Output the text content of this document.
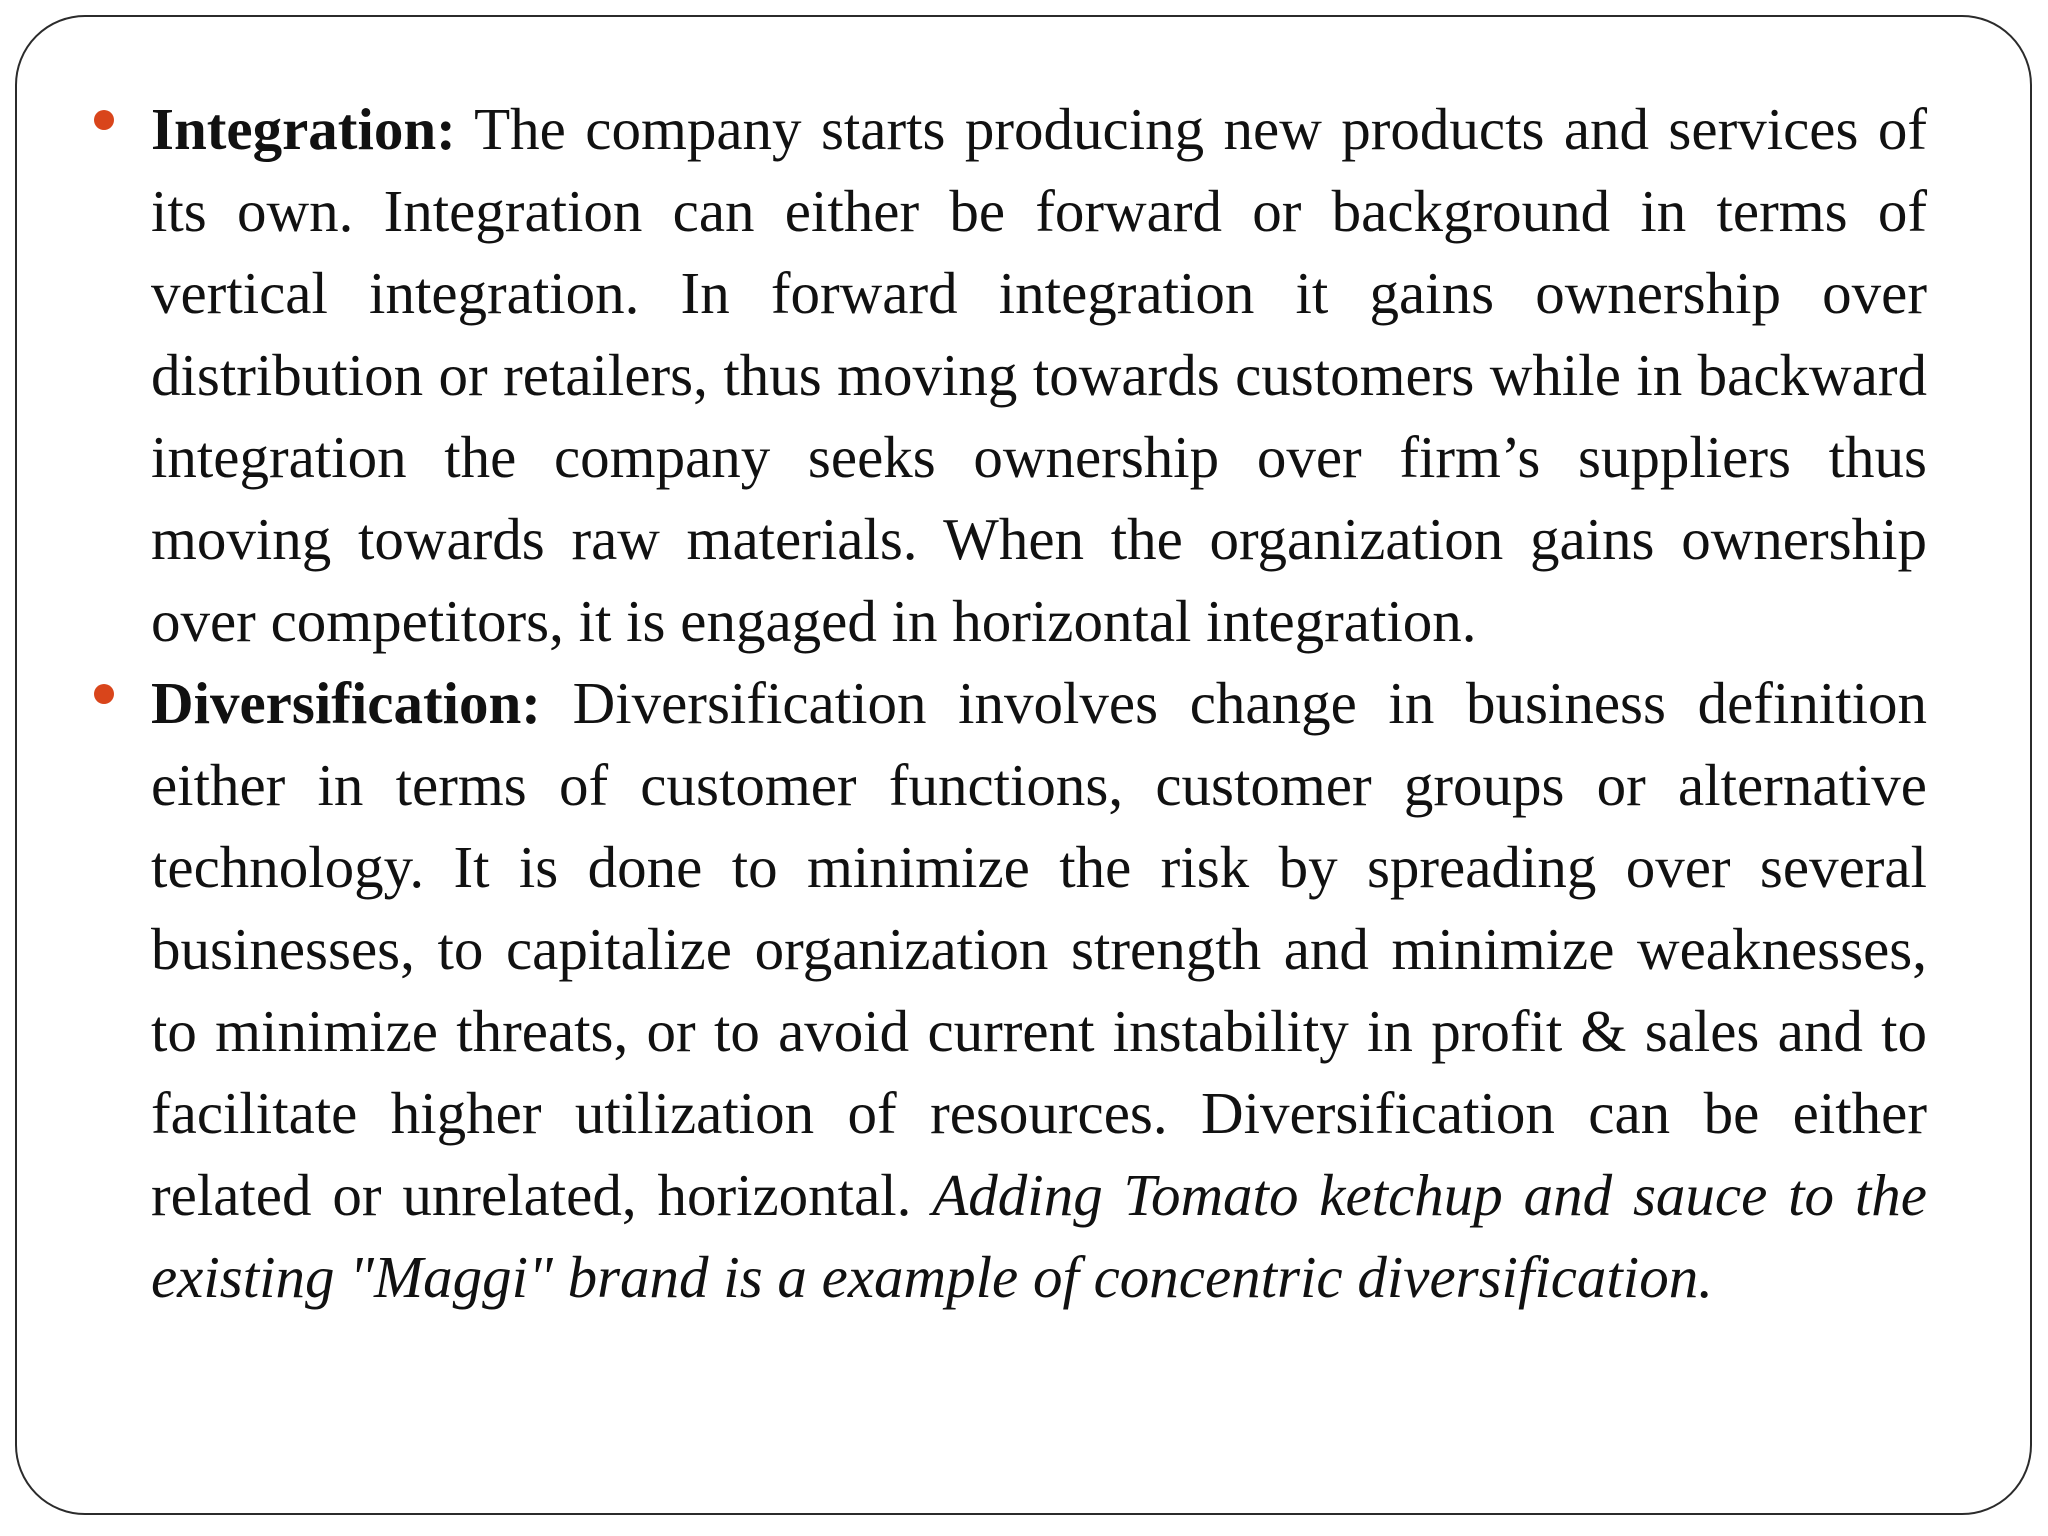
Integration: The company starts producing new products and services of its own. Integration can either be forward or background in terms of vertical integration. In forward integration it gains ownership over distribution or retailers, thus moving towards customers while in backward integration the company seeks ownership over firm’s suppliers thus moving towards raw materials. When the organization gains ownership over competitors, it is engaged in horizontal integration.

Diversification: Diversification involves change in business definition either in terms of customer functions, customer groups or alternative technology. It is done to minimize the risk by spreading over several businesses, to capitalize organization strength and minimize weaknesses, to minimize threats, or to avoid current instability in profit & sales and to facilitate higher utilization of resources. Diversification can be either related or unrelated, horizontal. Adding Tomato ketchup and sauce to the existing "Maggi" brand is a example of concentric diversification.
